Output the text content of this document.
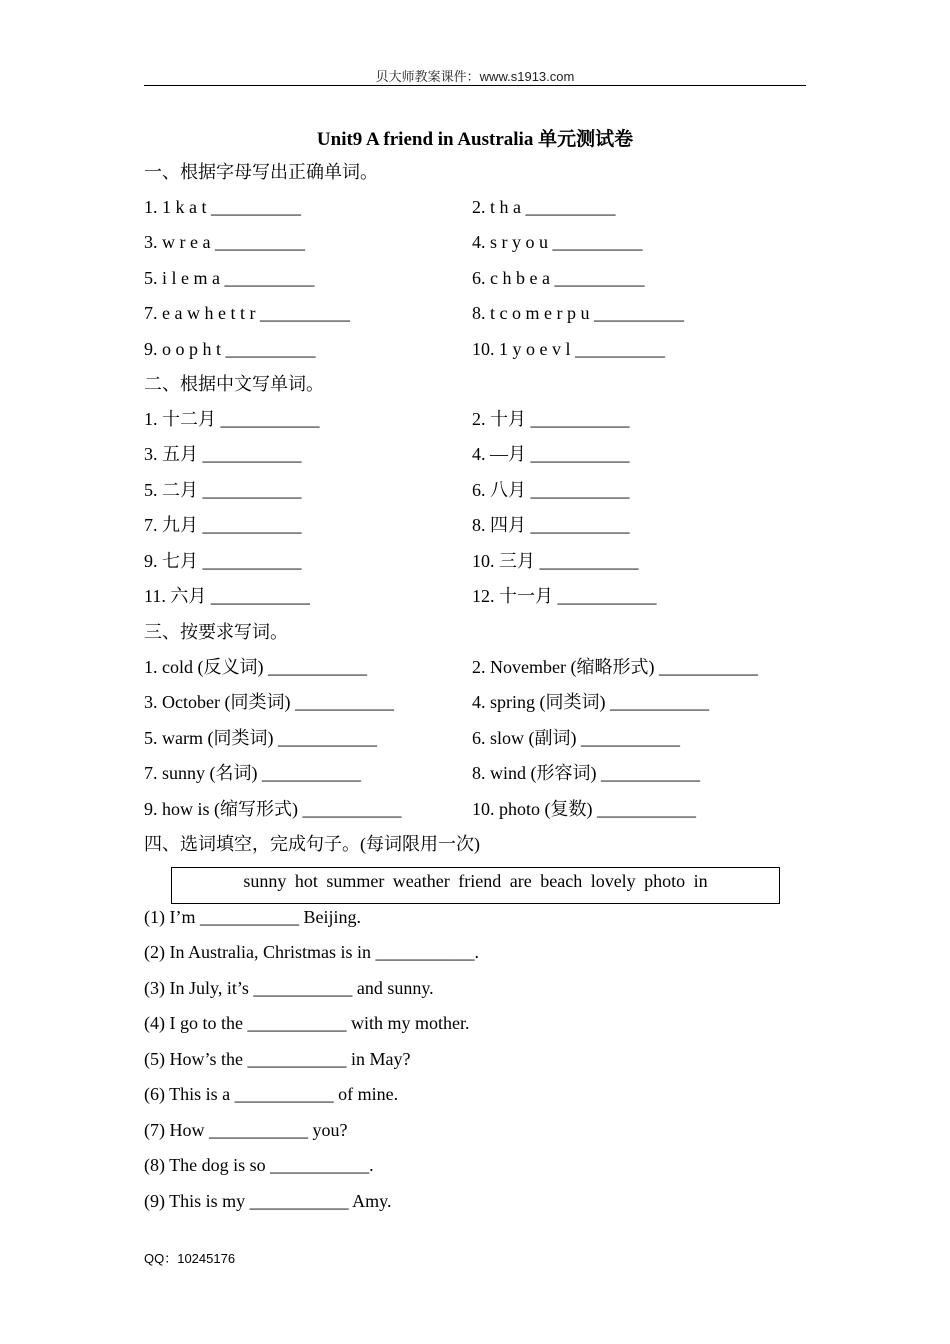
贝大师教案课件：www.s1913.com
Unit9 A friend in Australia 单元测试卷
一、根据字母写出正确单词。
1. 1 k a t __________	2. t h a __________
3. w r e a __________	4. s r y o u __________
5. i l e m a __________	6. c h b e a __________
7. e a w h e t t r __________	8. t c o m e r p u __________
9. o o p h t __________	10. 1 y o e v l __________
二、根据中文写单词。
1. 十二月 ___________	2. 十月 ___________
3. 五月 ___________	4. —月 ___________
5. 二月 ___________	6. 八月 ___________
7. 九月 ___________	8. 四月 ___________
9. 七月 ___________	10. 三月 ___________
11. 六月 ___________	12. 十一月 ___________
三、按要求写词。
1. cold (反义词) ___________	2. November (缩略形式) ___________
3. October (同类词) ___________	4. spring (同类词) ___________
5. warm (同类词) ___________	6. slow (副词) ___________
7. sunny (名词) ___________	8. wind (形容词) ___________
9. how is (缩写形式) ___________	10. photo (复数) ___________
四、选词填空，完成句子。(每词限用一次)
sunny hot summer weather friend are beach lovely photo in
(1) I’m ___________ Beijing.
(2) In Australia, Christmas is in ___________.
(3) In July, it’s ___________ and sunny.
(4) I go to the ___________ with my mother.
(5) How’s the ___________ in May?
(6) This is a ___________ of mine.
(7) How ___________ you?
(8) The dog is so ___________.
(9) This is my ___________ Amy.
QQ：10245176
